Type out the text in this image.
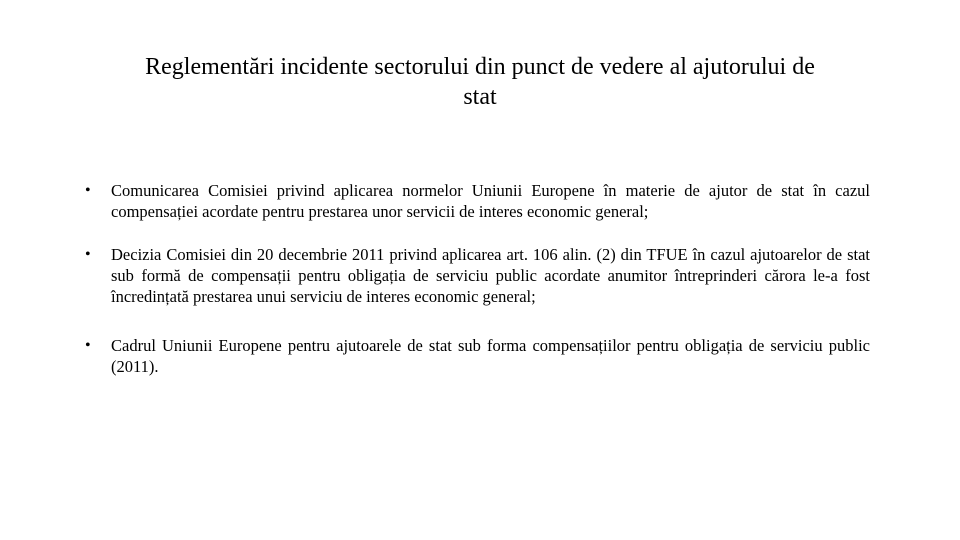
Reglementări incidente sectorului din punct de vedere al ajutorului de stat
• Comunicarea Comisiei privind aplicarea normelor Uniunii Europene în materie de ajutor de stat în cazul compensației acordate pentru prestarea unor servicii de interes economic general;
• Decizia Comisiei din 20 decembrie 2011 privind aplicarea art. 106 alin. (2) din TFUE în cazul ajutoarelor de stat sub formă de compensații pentru obligația de serviciu public acordate anumitor întreprinderi cărora le-a fost încredințată prestarea unui serviciu de interes economic general;
• Cadrul Uniunii Europene pentru ajutoarele de stat sub forma compensațiilor pentru obligația de serviciu public (2011).
